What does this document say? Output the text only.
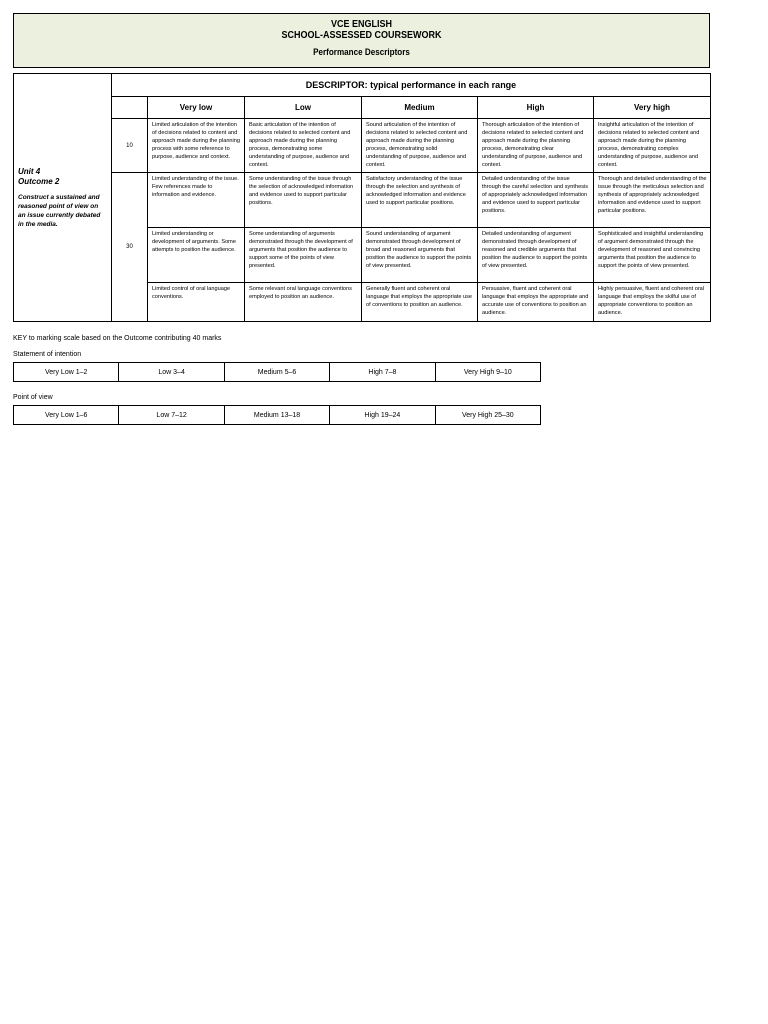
VCE ENGLISH
SCHOOL-ASSESSED COURSEWORK
Performance Descriptors
Unit 4
Outcome 2
Construct a sustained and reasoned point of view on an issue currently debated in the media.	DESCRIPTOR: typical performance in each range					
		Very low	Low	Medium	High	Very high
	10	Limited articulation of the intention of decisions related to content and approach made during the planning process with some reference to purpose, audience and context.	Basic articulation of the intention of decisions related to selected content and approach made during the planning process, demonstrating some understanding of purpose, audience and context.	Sound articulation of the intention of decisions related to selected content and approach made during the planning process, demonstrating solid understanding of purpose, audience and context.	Thorough articulation of the intention of decisions related to selected content and approach made during the planning process, demonstrating clear understanding of purpose, audience and context.	Insightful articulation of the intention of decisions related to selected content and approach made during the planning process, demonstrating complex understanding of purpose, audience and context.
	30	Limited understanding of the issue. Few references made to information and evidence.	Some understanding of the issue through the selection of acknowledged information and evidence used to support particular positions.	Satisfactory understanding of the issue through the selection and synthesis of acknowledged information and evidence used to support particular positions.	Detailed understanding of the issue through the careful selection and synthesis of appropriately acknowledged information and evidence used to support particular positions.	Thorough and detailed understanding of the issue through the meticulous selection and synthesis of appropriately acknowledged information and evidence used to support particular positions.
		Limited understanding or development of arguments. Some attempts to position the audience.	Some understanding of arguments demonstrated through the development of arguments that position the audience to support some of the points of view presented.	Sound understanding of argument demonstrated through development of broad and reasoned arguments that position the audience to support the points of view presented.	Detailed understanding of argument demonstrated through development of reasoned and credible arguments that position the audience to support the points of view presented.	Sophisticated and insightful understanding of argument demonstrated through the development of reasoned and convincing arguments that position the audience to support the points of view presented.
		Limited control of oral language conventions.	Some relevant oral language conventions employed to position an audience.	Generally fluent and coherent oral language that employs the appropriate use of conventions to position an audience.	Persuasive, fluent and coherent oral language that employs the appropriate and accurate use of conventions to position an audience.	Highly persuasive, fluent and coherent oral language that employs the skilful use of appropriate conventions to position an audience.
KEY to marking scale based on the Outcome contributing 40 marks
Statement of intention
Very Low 1–2	Low 3–4	Medium 5–6	High 7–8	Very High 9–10
Point of view
Very Low 1–6	Low 7–12	Medium 13–18	High 19–24	Very High 25–30
